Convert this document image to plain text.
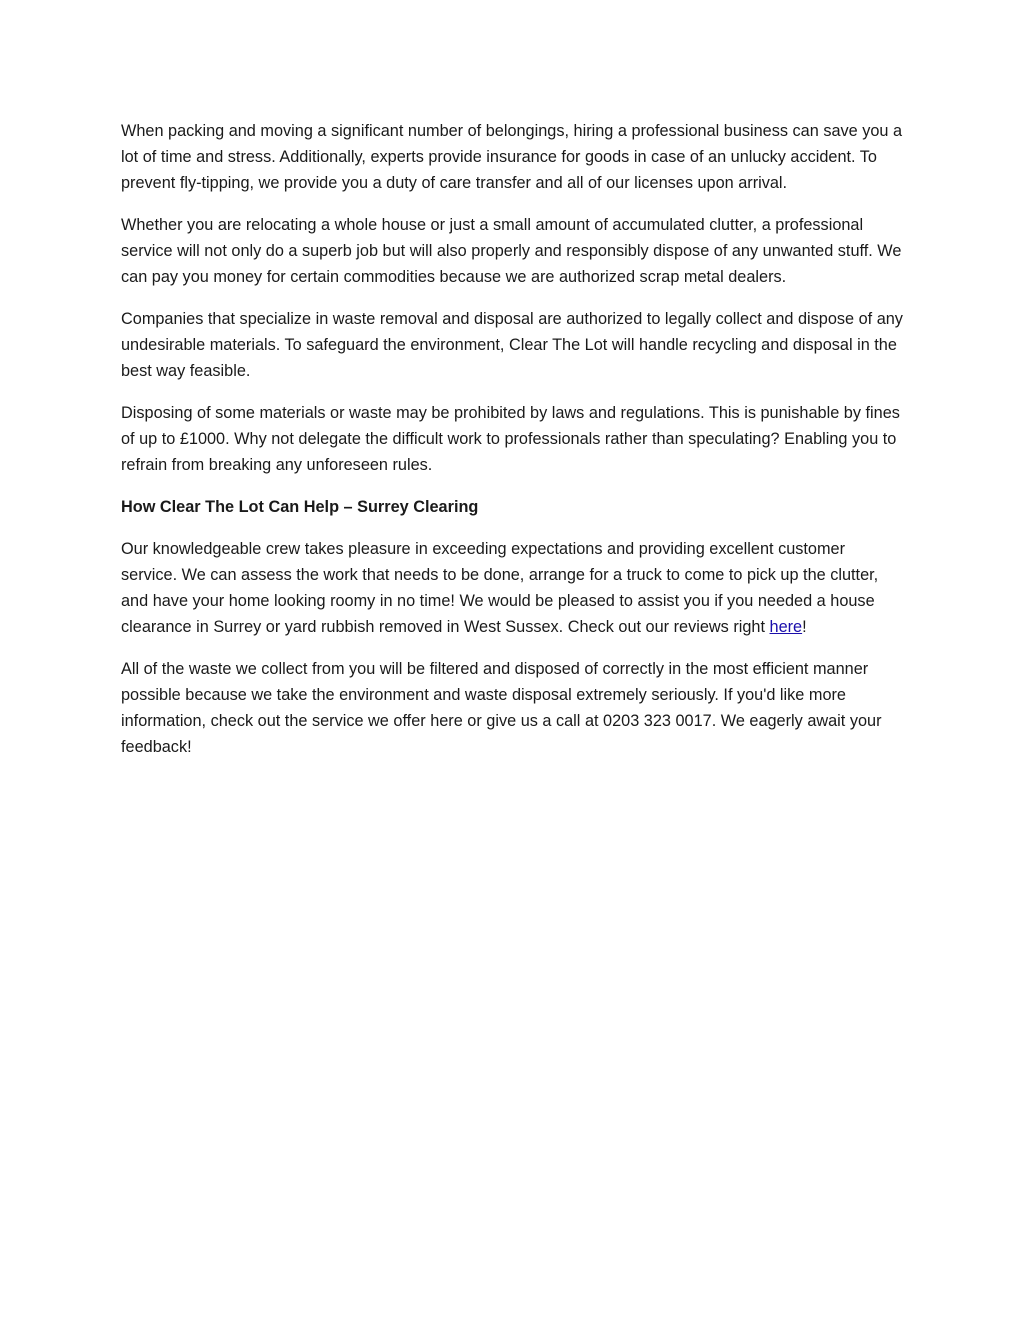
When packing and moving a significant number of belongings, hiring a professional business can save you a lot of time and stress. Additionally, experts provide insurance for goods in case of an unlucky accident. To prevent fly-tipping, we provide you a duty of care transfer and all of our licenses upon arrival.

Whether you are relocating a whole house or just a small amount of accumulated clutter, a professional service will not only do a superb job but will also properly and responsibly dispose of any unwanted stuff. We can pay you money for certain commodities because we are authorized scrap metal dealers.

Companies that specialize in waste removal and disposal are authorized to legally collect and dispose of any undesirable materials. To safeguard the environment, Clear The Lot will handle recycling and disposal in the best way feasible.

Disposing of some materials or waste may be prohibited by laws and regulations. This is punishable by fines of up to £1000. Why not delegate the difficult work to professionals rather than speculating? Enabling you to refrain from breaking any unforeseen rules.

How Clear The Lot Can Help – Surrey Clearing

Our knowledgeable crew takes pleasure in exceeding expectations and providing excellent customer service. We can assess the work that needs to be done, arrange for a truck to come to pick up the clutter, and have your home looking roomy in no time! We would be pleased to assist you if you needed a house clearance in Surrey or yard rubbish removed in West Sussex. Check out our reviews right here!

All of the waste we collect from you will be filtered and disposed of correctly in the most efficient manner possible because we take the environment and waste disposal extremely seriously. If you'd like more information, check out the service we offer here or give us a call at 0203 323 0017. We eagerly await your feedback!
